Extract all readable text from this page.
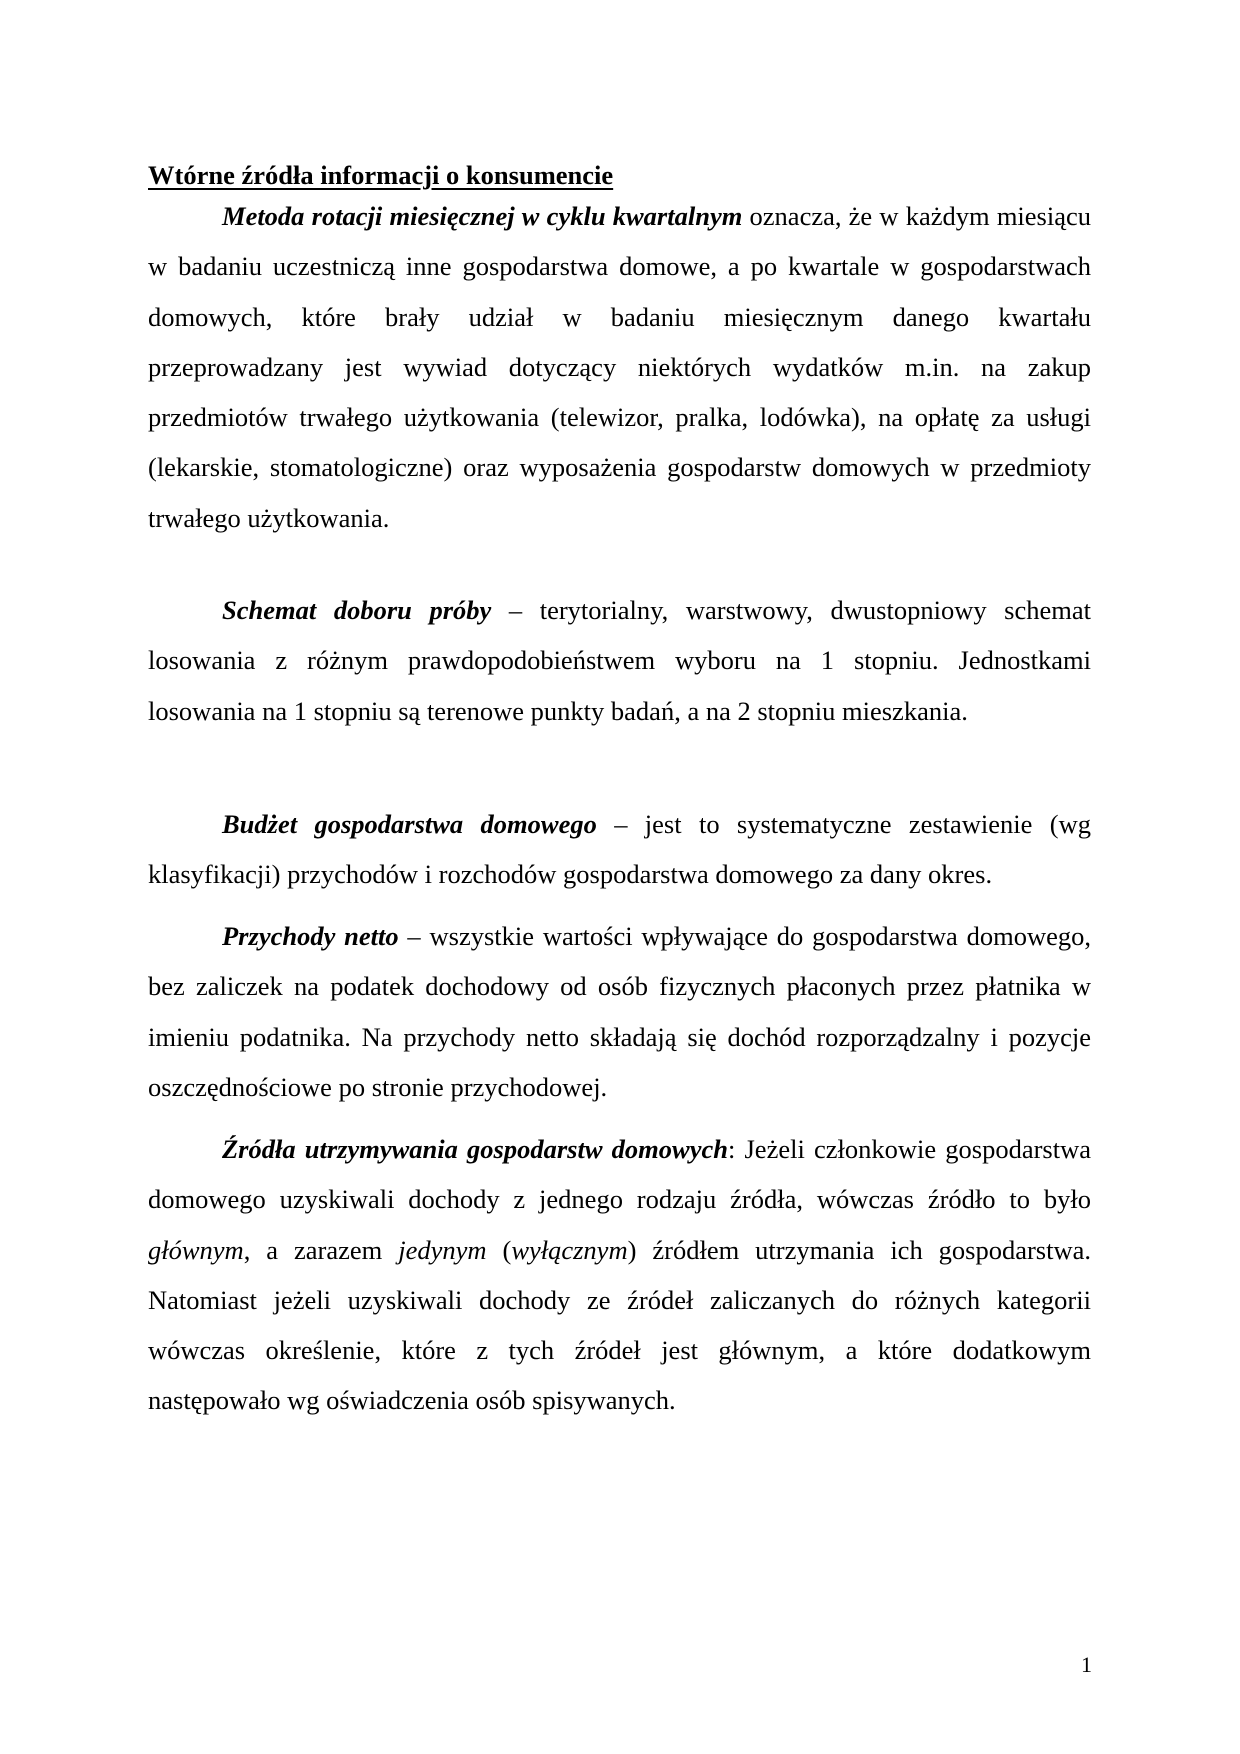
Wtórne źródła informacji o konsumencie

Metoda rotacji miesięcznej w cyklu kwartalnym oznacza, że w każdym miesiącu w badaniu uczestniczą inne gospodarstwa domowe, a po kwartale w gospodarstwach domowych, które brały udział w badaniu miesięcznym danego kwartału przeprowadzany jest wywiad dotyczący niektórych wydatków m.in. na zakup przedmiotów trwałego użytkowania (telewizor, pralka, lodówka), na opłatę za usługi (lekarskie, stomatologiczne) oraz wyposażenia gospodarstw domowych w przedmioty trwałego użytkowania.

Schemat doboru próby – terytorialny, warstwowy, dwustopniowy schemat losowania z różnym prawdopodobieństwem wyboru na 1 stopniu. Jednostkami losowania na 1 stopniu są terenowe punkty badań, a na 2 stopniu mieszkania.

Budżet gospodarstwa domowego – jest to systematyczne zestawienie (wg klasyfikacji) przychodów i rozchodów gospodarstwa domowego za dany okres.

Przychody netto – wszystkie wartości wpływające do gospodarstwa domowego, bez zaliczek na podatek dochodowy od osób fizycznych płaconych przez płatnika w imieniu podatnika. Na przychody netto składają się dochód rozporządzalny i pozycje oszczędnościowe po stronie przychodowej.

Źródła utrzymywania gospodarstw domowych: Jeżeli członkowie gospodarstwa domowego uzyskiwali dochody z jednego rodzaju źródła, wówczas źródło to było głównym, a zarazem jedynym (wyłącznym) źródłem utrzymania ich gospodarstwa. Natomiast jeżeli uzyskiwali dochody ze źródeł zaliczanych do różnych kategorii wówczas określenie, które z tych źródeł jest głównym, a które dodatkowym następowało wg oświadczenia osób spisywanych.

1
